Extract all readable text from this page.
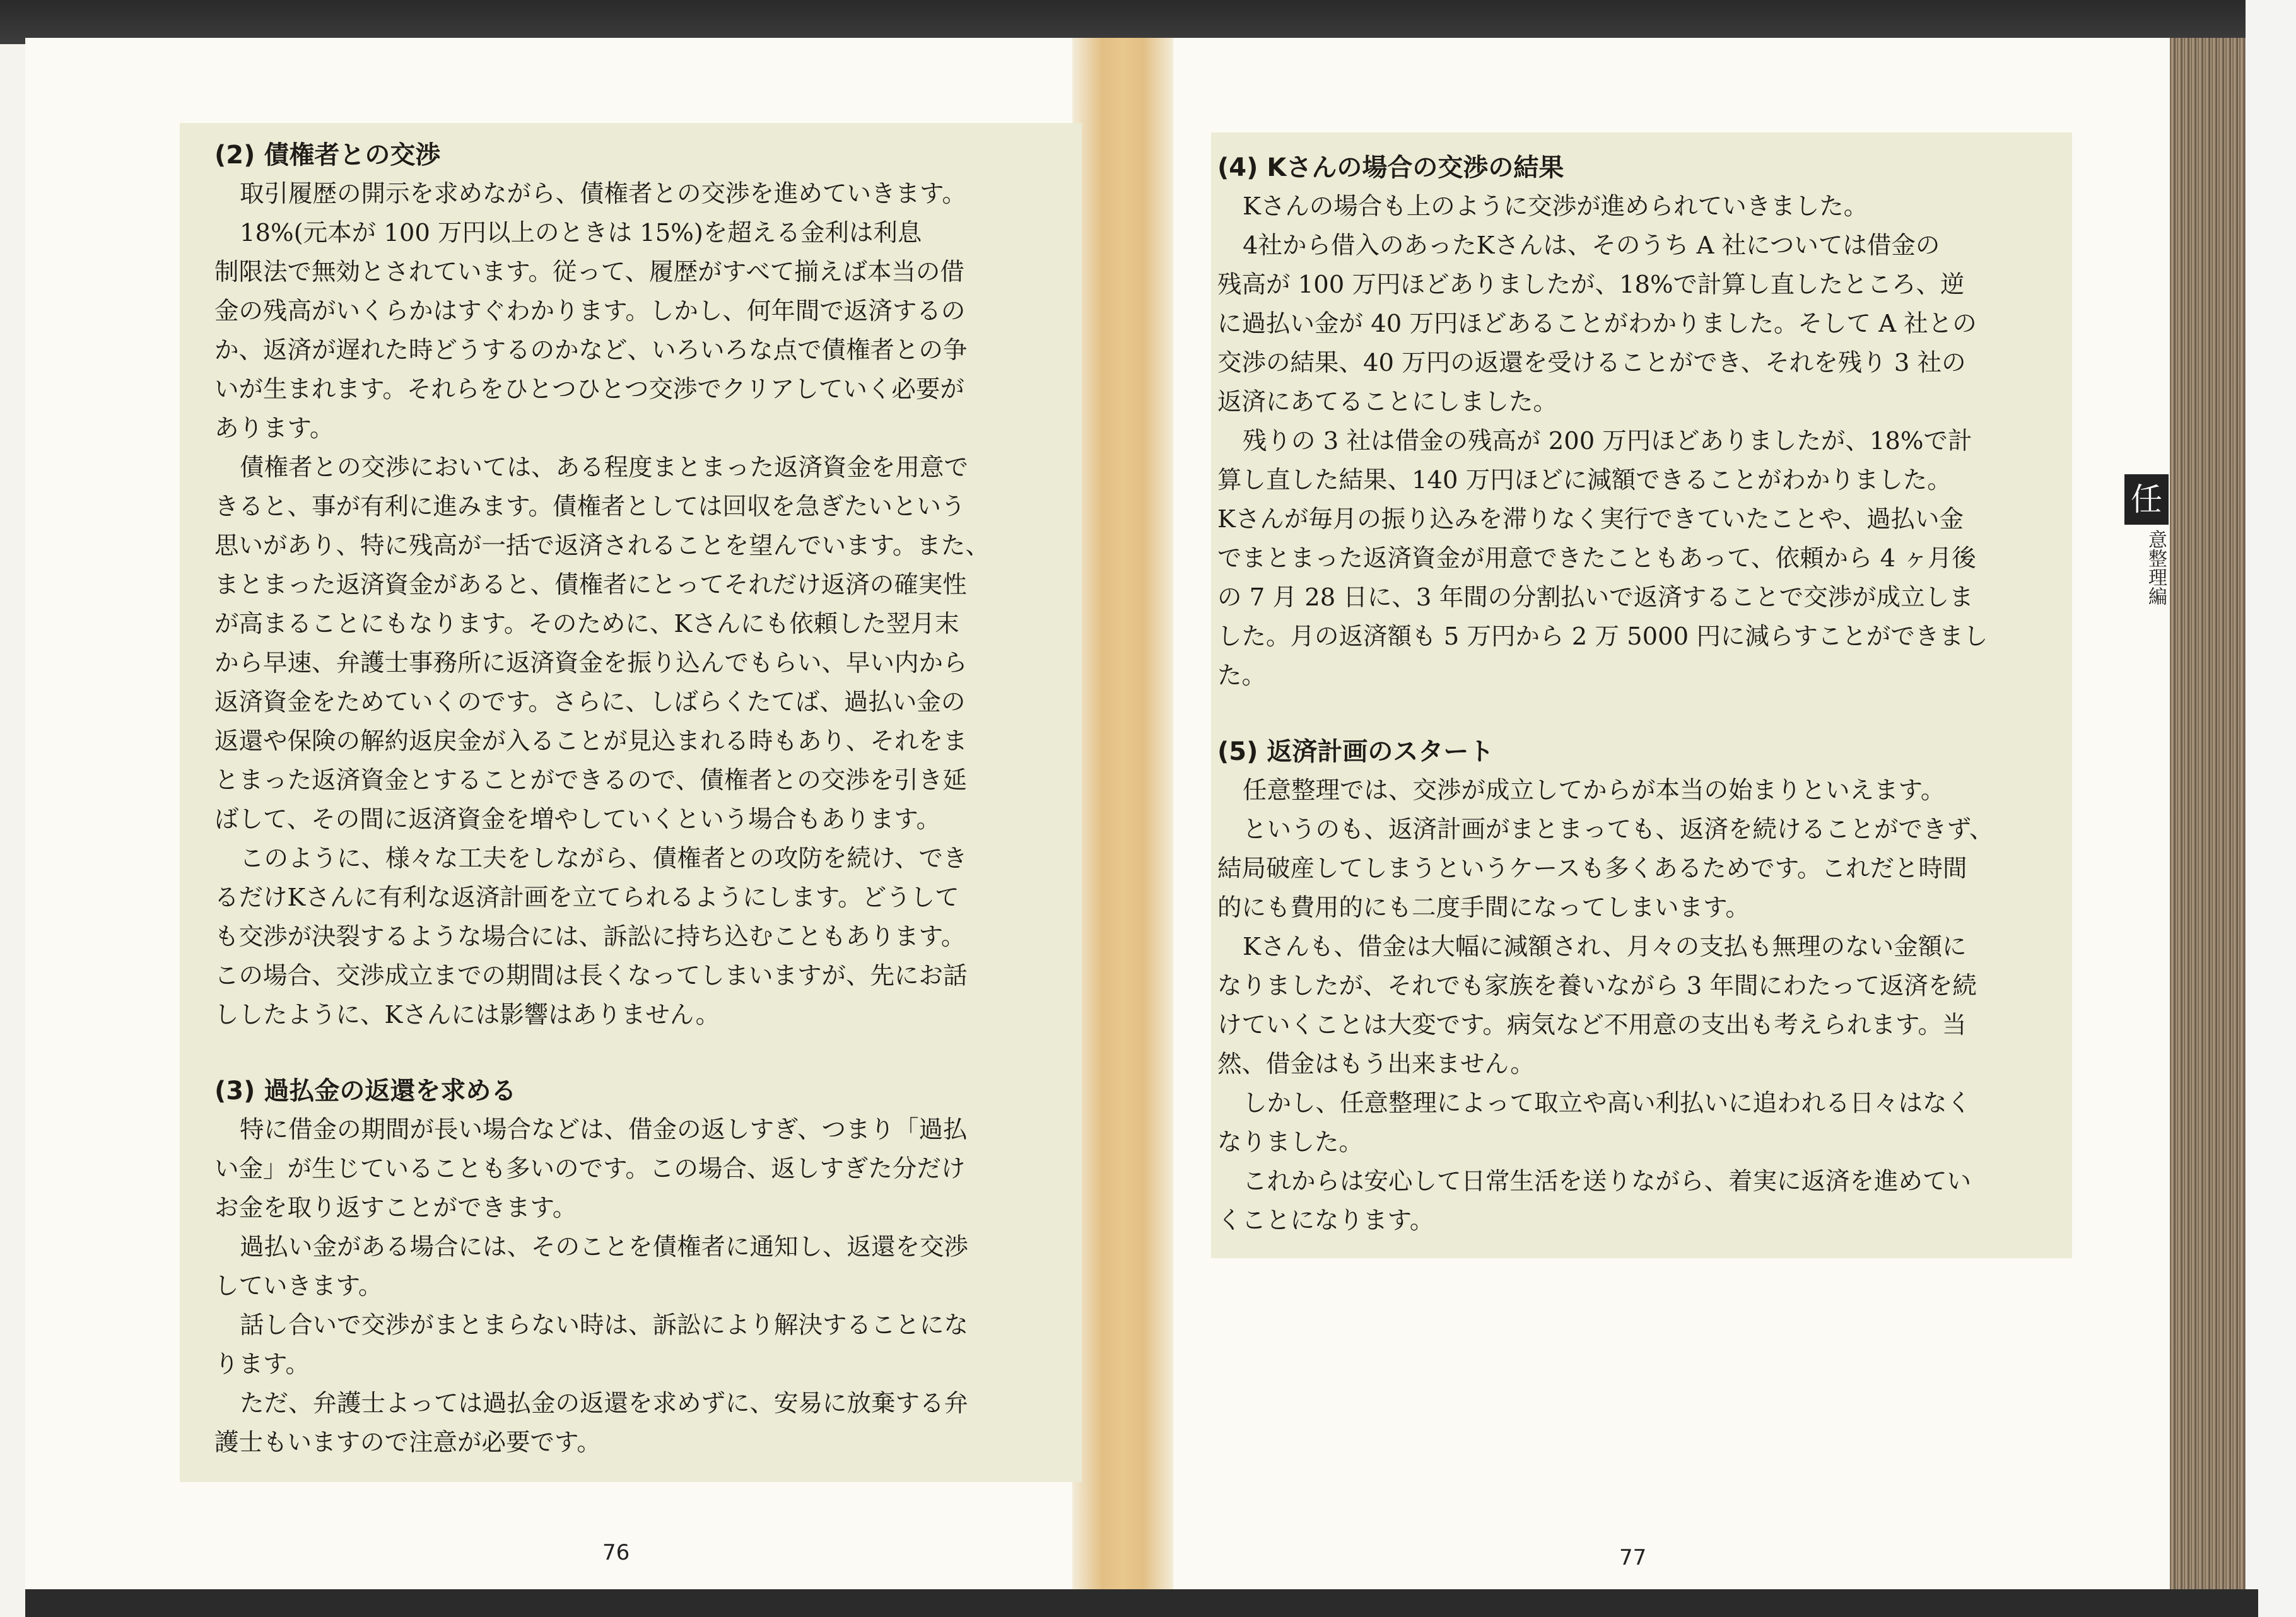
(2) 債権者との交渉
取引履歴の開示を求めながら、債権者との交渉を進めていきます。
18%(元本が 100 万円以上のときは 15%)を超える金利は利息
制限法で無効とされています。従って、履歴がすべて揃えば本当の借
金の残高がいくらかはすぐわかります。しかし、何年間で返済するの
か、返済が遅れた時どうするのかなど、いろいろな点で債権者との争
いが生まれます。それらをひとつひとつ交渉でクリアしていく必要が
あります。
債権者との交渉においては、ある程度まとまった返済資金を用意で
きると、事が有利に進みます。債権者としては回収を急ぎたいという
思いがあり、特に残高が一括で返済されることを望んでいます。また、
まとまった返済資金があると、債権者にとってそれだけ返済の確実性
が高まることにもなります。そのために、Kさんにも依頼した翌月末
から早速、弁護士事務所に返済資金を振り込んでもらい、早い内から
返済資金をためていくのです。さらに、しばらくたてば、過払い金の
返還や保険の解約返戻金が入ることが見込まれる時もあり、それをま
とまった返済資金とすることができるので、債権者との交渉を引き延
ばして、その間に返済資金を増やしていくという場合もあります。
このように、様々な工夫をしながら、債権者との攻防を続け、でき
るだけKさんに有利な返済計画を立てられるようにします。どうして
も交渉が決裂するような場合には、訴訟に持ち込むこともあります。
この場合、交渉成立までの期間は長くなってしまいますが、先にお話
ししたように、Kさんには影響はありません。
(3) 過払金の返還を求める
特に借金の期間が長い場合などは、借金の返しすぎ、つまり「過払
い金」が生じていることも多いのです。この場合、返しすぎた分だけ
お金を取り返すことができます。
過払い金がある場合には、そのことを債権者に通知し、返還を交渉
していきます。
話し合いで交渉がまとまらない時は、訴訟により解決することにな
ります。
ただ、弁護士よっては過払金の返還を求めずに、安易に放棄する弁
護士もいますので注意が必要です。
(4) Kさんの場合の交渉の結果
Kさんの場合も上のように交渉が進められていきました。
4社から借入のあったKさんは、そのうち A 社については借金の
残高が 100 万円ほどありましたが、18%で計算し直したところ、逆
に過払い金が 40 万円ほどあることがわかりました。そして A 社との
交渉の結果、40 万円の返還を受けることができ、それを残り 3 社の
返済にあてることにしました。
残りの 3 社は借金の残高が 200 万円ほどありましたが、18%で計
算し直した結果、140 万円ほどに減額できることがわかりました。
Kさんが毎月の振り込みを滞りなく実行できていたことや、過払い金
でまとまった返済資金が用意できたこともあって、依頼から 4 ヶ月後
の 7 月 28 日に、3 年間の分割払いで返済することで交渉が成立しま
した。月の返済額も 5 万円から 2 万 5000 円に減らすことができまし
た。
(5) 返済計画のスタート
任意整理では、交渉が成立してからが本当の始まりといえます。
というのも、返済計画がまとまっても、返済を続けることができず、
結局破産してしまうというケースも多くあるためです。これだと時間
的にも費用的にも二度手間になってしまいます。
Kさんも、借金は大幅に減額され、月々の支払も無理のない金額に
なりましたが、それでも家族を養いながら 3 年間にわたって返済を続
けていくことは大変です。病気など不用意の支出も考えられます。当
然、借金はもう出来ません。
しかし、任意整理によって取立や高い利払いに追われる日々はなく
なりました。
これからは安心して日常生活を送りながら、着実に返済を進めてい
くことになります。
76	77
任
意整理編
